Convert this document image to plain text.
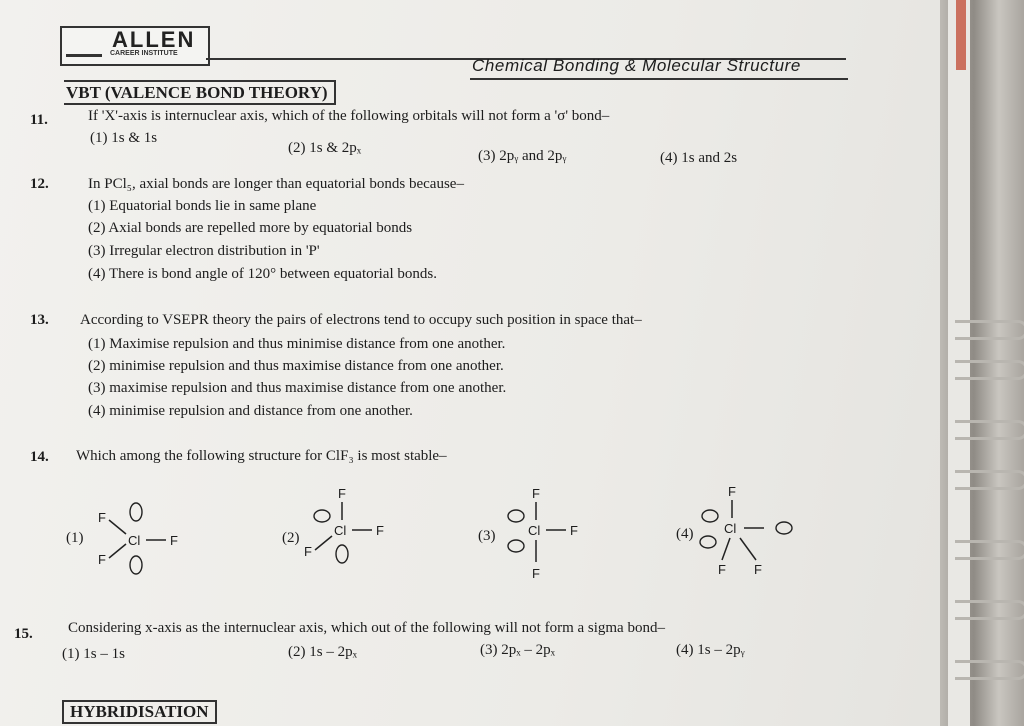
ALLEN
CAREER INSTITUTE
Chemical Bonding & Molecular Structure
VBT (VALENCE BOND THEORY)
11.	If 'X'-axis is internuclear axis, which of the following orbitals will not form a 'σ' bond–
(1) 1s & 1s
(2) 1s & 2pₓ	(3) 2pᵧ and 2pᵧ	(4) 1s and 2s
12.	In PCl₅, axial bonds are longer than equatorial bonds because–
(1) Equatorial bonds lie in same plane
(2) Axial bonds are repelled more by equatorial bonds
(3) Irregular electron distribution in 'P'
(4) There is bond angle of 120° between equatorial bonds.
13. According to VSEPR theory the pairs of electrons tend to occupy such position in space that–
(1) Maximise repulsion and thus minimise distance from one another.
(2) minimise repulsion and thus maximise distance from one another.
(3) maximise repulsion and thus maximise distance from one another.
(4) minimise repulsion and distance from one another.
14. Which among the following structure for ClF₃ is most stable–
(1)
F
F
Cl F	(2)
F
Cl F
F
(3)
F
Cl F
F
(4)
F
Cl
F F
15. Considering x-axis as the internuclear axis, which out of the following will not form a sigma bond–
(1) 1s – 1s	(2) 1s – 2pₓ	(3) 2pₓ – 2pₓ	(4) 1s – 2pᵧ
HYBRIDISATION
